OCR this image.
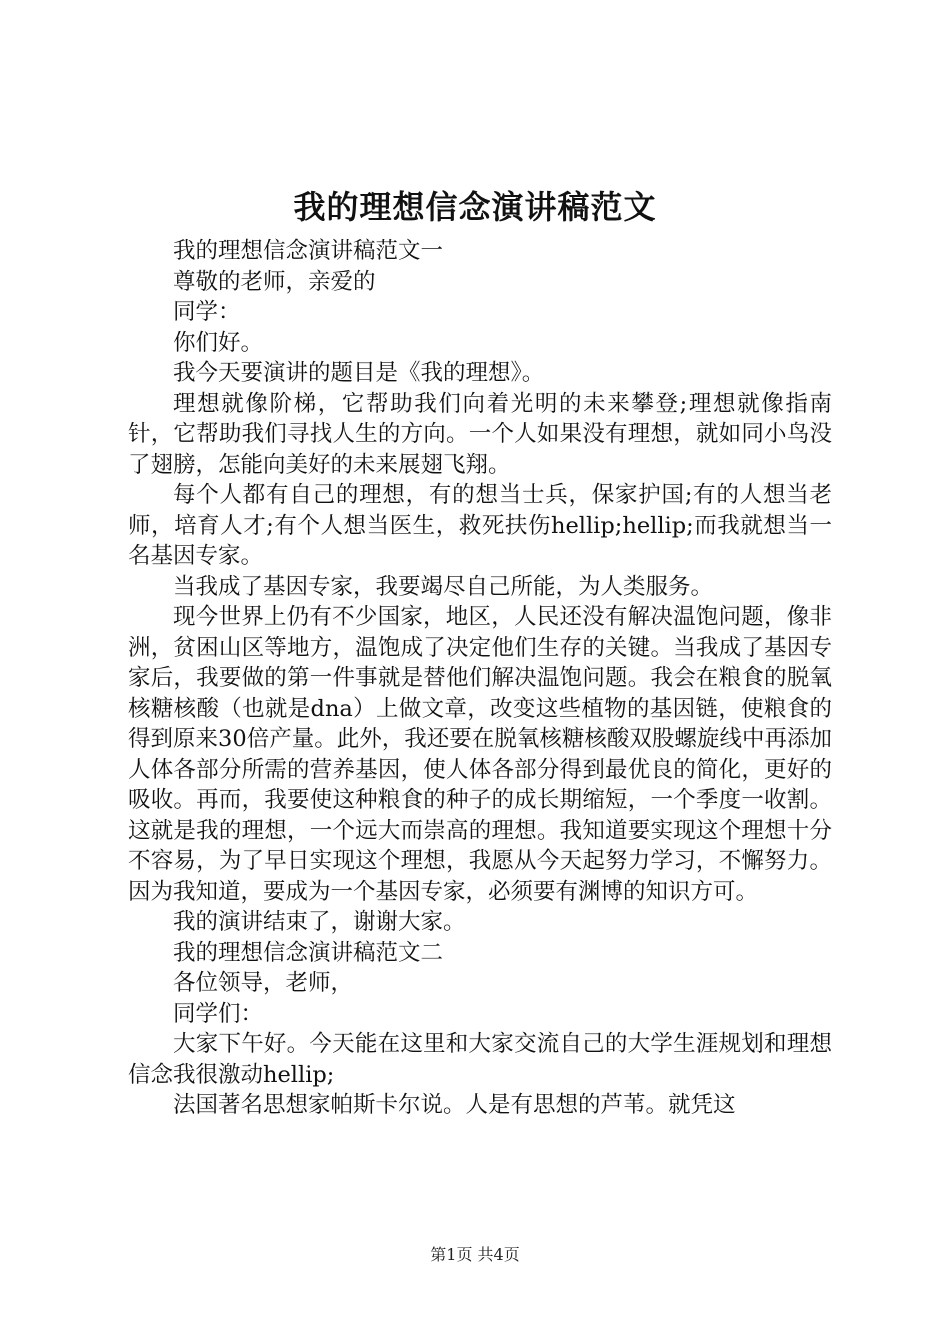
我的理想信念演讲稿范文

我的理想信念演讲稿范文一

尊敬的老师，亲爱的

同学：

你们好。

我今天要演讲的题目是《我的理想》。

理想就像阶梯，它帮助我们向着光明的未来攀登;理想就像指南针，它帮助我们寻找人生的方向。一个人如果没有理想，就如同小鸟没了翅膀，怎能向美好的未来展翅飞翔。

每个人都有自己的理想，有的想当士兵，保家护国;有的人想当老师，培育人才;有个人想当医生，救死扶伤hellip;hellip;而我就想当一名基因专家。

当我成了基因专家，我要竭尽自己所能，为人类服务。

现今世界上仍有不少国家，地区，人民还没有解决温饱问题，像非洲，贫困山区等地方，温饱成了决定他们生存的关键。当我成了基因专家后，我要做的第一件事就是替他们解决温饱问题。我会在粮食的脱氧核糖核酸（也就是dna）上做文章，改变这些植物的基因链，使粮食的得到原来30倍产量。此外，我还要在脱氧核糖核酸双股螺旋线中再添加人体各部分所需的营养基因，使人体各部分得到最优良的简化，更好的吸收。再而，我要使这种粮食的种子的成长期缩短，一个季度一收割。这就是我的理想，一个远大而崇高的理想。我知道要实现这个理想十分不容易，为了早日实现这个理想，我愿从今天起努力学习，不懈努力。因为我知道，要成为一个基因专家，必须要有渊博的知识方可。

我的演讲结束了，谢谢大家。

我的理想信念演讲稿范文二

各位领导，老师，

同学们：

大家下午好。今天能在这里和大家交流自己的大学生涯规划和理想信念我很激动hellip;

法国著名思想家帕斯卡尔说。人是有思想的芦苇。就凭这

第1页 共4页
